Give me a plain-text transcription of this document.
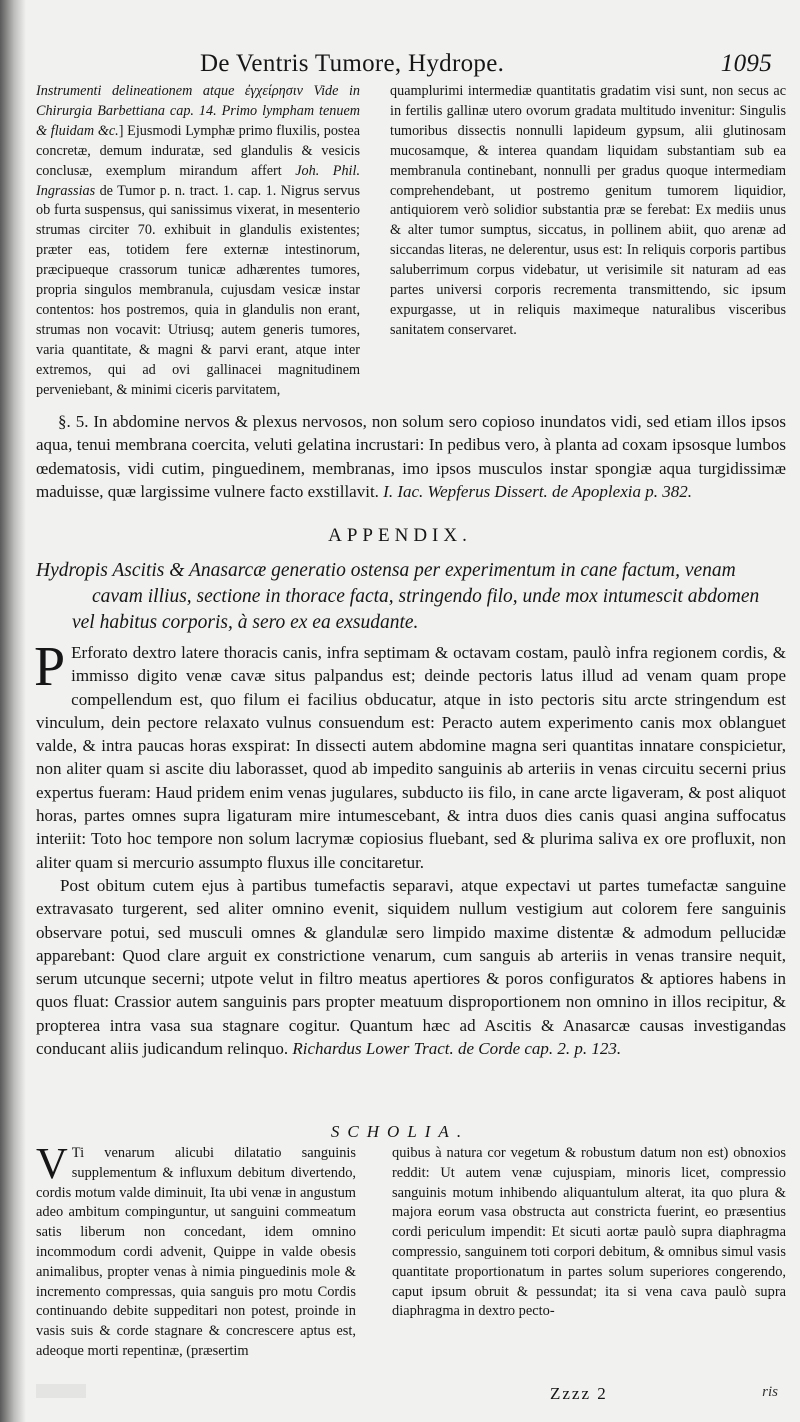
De Ventris Tumore, Hydrope.	1095

Instrumenti delineationem atque ἐγχείρησιν Vide in Chirurgia Barbettiana cap. 14. Primo lympham tenuem & fluidam &c.] Ejusmodi Lymphæ primo fluxilis, postea concretæ, demum induratæ, sed glandulis & vesicis conclusæ, exemplum mirandum affert Joh. Phil. Ingrassias de Tumor p. n. tract. 1. cap. 1. Nigrus servus ob furta suspensus, qui sanissimus vixerat, in mesenterio strumas circiter 70. exhibuit in glandulis existentes; præter eas, totidem fere externæ intestinorum, præcipueque crassorum tunicæ adhærentes tumores, propria singulos membranula, cujusdam vesicæ instar contentos: hos postremos, quia in glandulis non erant, strumas non vocavit: Utriusq; autem generis tumores, varia quantitate, & magni & parvi erant, atque inter extremos, qui ad ovi gallinacei magnitudinem perveniebant, & minimi ciceris parvitatem,

quamplurimi intermediæ quantitatis gradatim visi sunt, non secus ac in fertilis gallinæ utero ovorum gradata multitudo invenitur: Singulis tumoribus dissectis nonnulli lapideum gypsum, alii glutinosam mucosamque, & interea quandam liquidam substantiam sub ea membranula continebant, nonnulli per gradus quoque intermediam comprehendebant, ut postremo genitum tumorem liquidior, antiquiorem verò solidior substantia præ se ferebat: Ex mediis unus & alter tumor sumptus, siccatus, in pollinem abiit, quo arenæ ad siccandas literas, ne delerentur, usus est: In reliquis corporis partibus saluberrimum corpus videbatur, ut verisimile sit naturam ad eas partes universi corporis recrementa transmittendo, sic ipsum expurgasse, ut in reliquis maximeque naturalibus visceribus sanitatem conservaret.

§. 5. In abdomine nervos & plexus nervosos, non solum sero copioso inundatos vidi, sed etiam illos ipsos aqua, tenui membrana coercita, veluti gelatina incrustari: In pedibus vero, à planta ad coxam ipsosque lumbos œdematosis, vidi cutim, pinguedinem, membranas, imo ipsos musculos instar spongiæ aqua turgidissimæ maduisse, quæ largissime vulnere facto exstillavit. I. Iac. Wepferus Dissert. de Apoplexia p. 382.

APPENDIX.
Hydropis Ascitis & Anasarcæ generatio ostensa per experimentum in cane factum, venam
cavam illius, sectione in thorace facta, stringendo filo, unde mox intumescit abdomen
vel habitus corporis, à sero ex ea exsudante.

P Erforato dextro latere thoracis canis, infra septimam & octavam costam, paulò infra regionem cordis, & immisso digito venæ cavæ situs palpandus est; deinde pectoris latus illud ad venam quam prope compellendum est, quo filum ei facilius obducatur, atque in isto pectoris situ arcte stringendum est vinculum, dein pectore relaxato vulnus consuendum est: Peracto autem experimento canis mox oblanguet valde, & intra paucas horas exspirat: In dissecti autem abdomine magna seri quantitas innatare conspicietur, non aliter quam si ascite diu laborasset, quod ab impedito sanguinis ab arteriis in venas circuitu secerni prius expertus fueram: Haud pridem enim venas jugulares, subducto iis filo, in cane arcte ligaveram, & post aliquot horas, partes omnes supra ligaturam mire intumescebant, & intra duos dies canis quasi angina suffocatus interiit: Toto hoc tempore non solum lacrymæ copiosius fluebant, sed & plurima saliva ex ore profluxit, non aliter quam si mercurio assumpto fluxus ille concitaretur.

Post obitum cutem ejus à partibus tumefactis separavi, atque expectavi ut partes tumefactæ sanguine extravasato turgerent, sed aliter omnino evenit, siquidem nullum vestigium aut colorem fere sanguinis observare potui, sed musculi omnes & glandulæ sero limpido maxime distentæ & admodum pellucidæ apparebant: Quod clare arguit ex constrictione venarum, cum sanguis ab arteriis in venas transire nequit, serum utcunque secerni; utpote velut in filtro meatus apertiores & poros configuratos & aptiores habens in quos fluat: Crassior autem sanguinis pars propter meatuum disproportionem non omnino in illos recipitur, & propterea intra vasa sua stagnare cogitur. Quantum hæc ad Ascitis & Anasarcæ causas investigandas conducant aliis judicandum relinquo. Richardus Lower Tract. de Corde cap. 2. p. 123.

SCHOLIA.

V Ti venarum alicubi dilatatio sanguinis supplementum & influxum debitum divertendo, cordis motum valde diminuit, Ita ubi venæ in angustum adeo ambitum compinguntur, ut sanguini commeatum satis liberum non concedant, idem omnino incommodum cordi advenit, Quippe in valde obesis animalibus, propter venas à nimia pinguedinis mole & incremento compressas, quia sanguis pro motu Cordis continuando debite suppeditari non potest, proinde in vasis suis & corde stagnare & concrescere aptus est, adeoque morti repentinæ, (præsertim

quibus à natura cor vegetum & robustum datum non est) obnoxios reddit: Ut autem venæ cujuspiam, minoris licet, compressio sanguinis motum inhibendo aliquantulum alterat, ita quo plura & majora eorum vasa obstructa aut constricta fuerint, eo præsentius cordi periculum impendit: Et sicuti aortæ paulò supra diaphragma compressio, sanguinem toti corpori debitum, & omnibus simul vasis quantitate proportionatum in partes solum superiores congerendo, caput ipsum obruit & pessundat; ita si vena cava paulò supra diaphragma in dextro pecto-

Zzzz 2	ris
